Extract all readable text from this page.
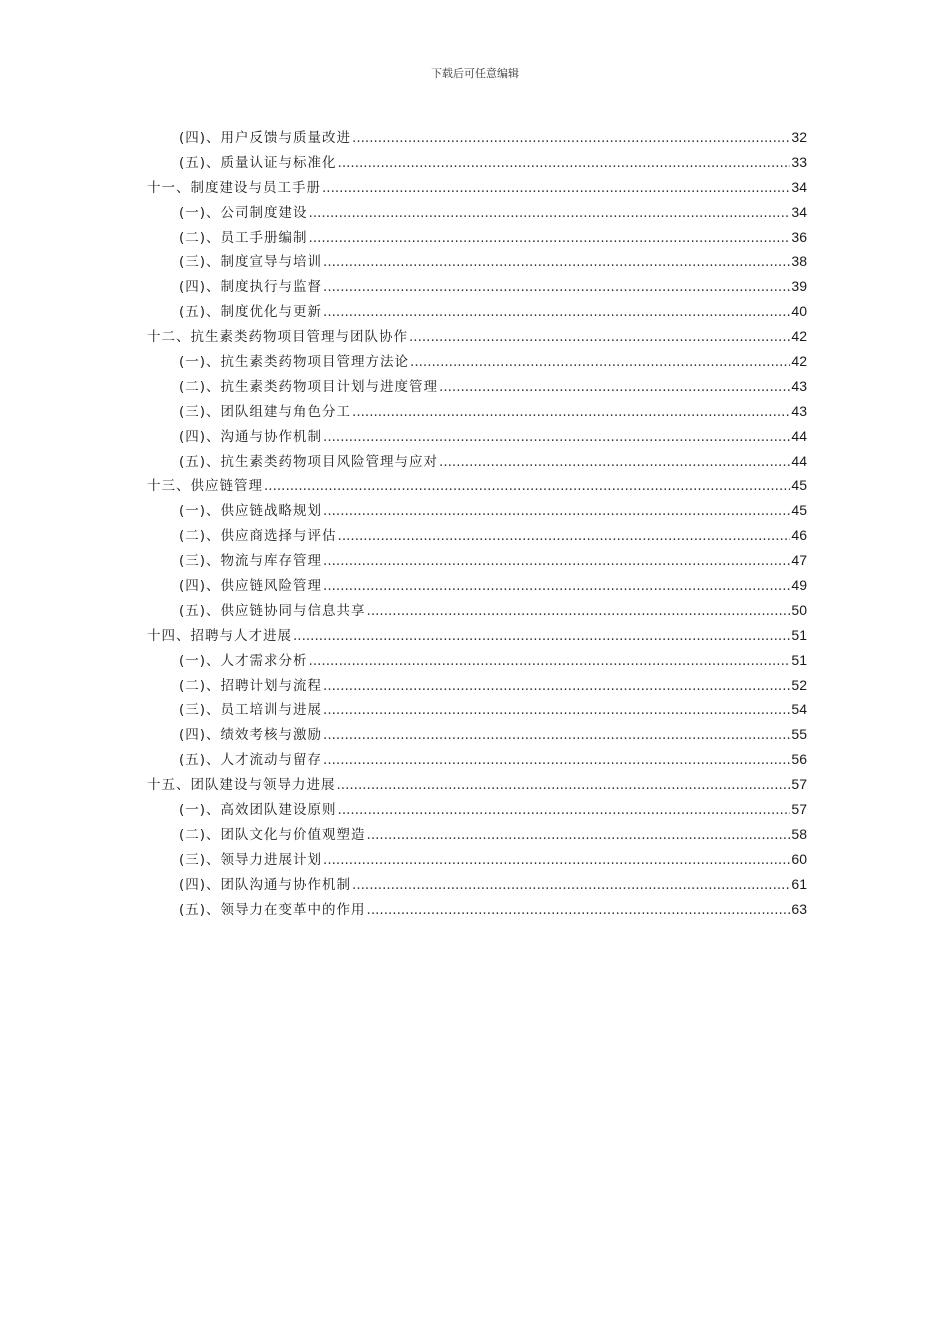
下载后可任意编辑
(四)、用户反馈与质量改进 .....	32
(五)、质量认证与标准化 .....	33
十一、制度建设与员工手册 .....	34
(一)、公司制度建设 .....	34
(二)、员工手册编制 .....	36
(三)、制度宣导与培训 .....	38
(四)、制度执行与监督 .....	39
(五)、制度优化与更新 .....	40
十二、抗生素类药物项目管理与团队协作 .....	42
(一)、抗生素类药物项目管理方法论 .....	42
(二)、抗生素类药物项目计划与进度管理 .....	43
(三)、团队组建与角色分工 .....	43
(四)、沟通与协作机制 .....	44
(五)、抗生素类药物项目风险管理与应对 .....	44
十三、供应链管理 .....	45
(一)、供应链战略规划 .....	45
(二)、供应商选择与评估 .....	46
(三)、物流与库存管理 .....	47
(四)、供应链风险管理 .....	49
(五)、供应链协同与信息共享 .....	50
十四、招聘与人才进展 .....	51
(一)、人才需求分析 .....	51
(二)、招聘计划与流程 .....	52
(三)、员工培训与进展 .....	54
(四)、绩效考核与激励 .....	55
(五)、人才流动与留存 .....	56
十五、团队建设与领导力进展 .....	57
(一)、高效团队建设原则 .....	57
(二)、团队文化与价值观塑造 .....	58
(三)、领导力进展计划 .....	60
(四)、团队沟通与协作机制 .....	61
(五)、领导力在变革中的作用 .....	63
